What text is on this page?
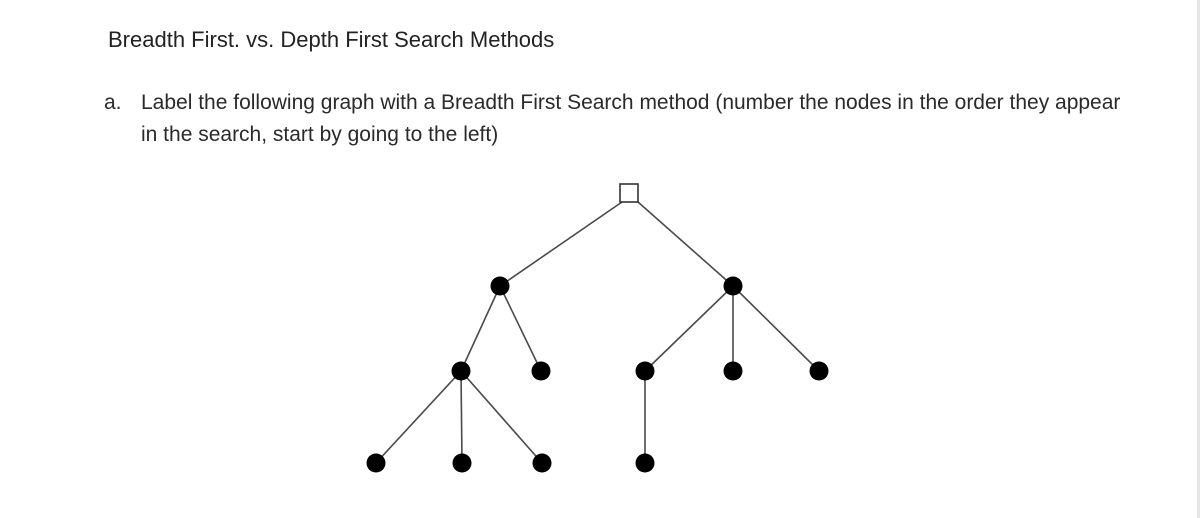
Breadth First. vs. Depth First Search Methods
a. Label the following graph with a Breadth First Search method (number the nodes in the order they appear in the search, start by going to the left)
